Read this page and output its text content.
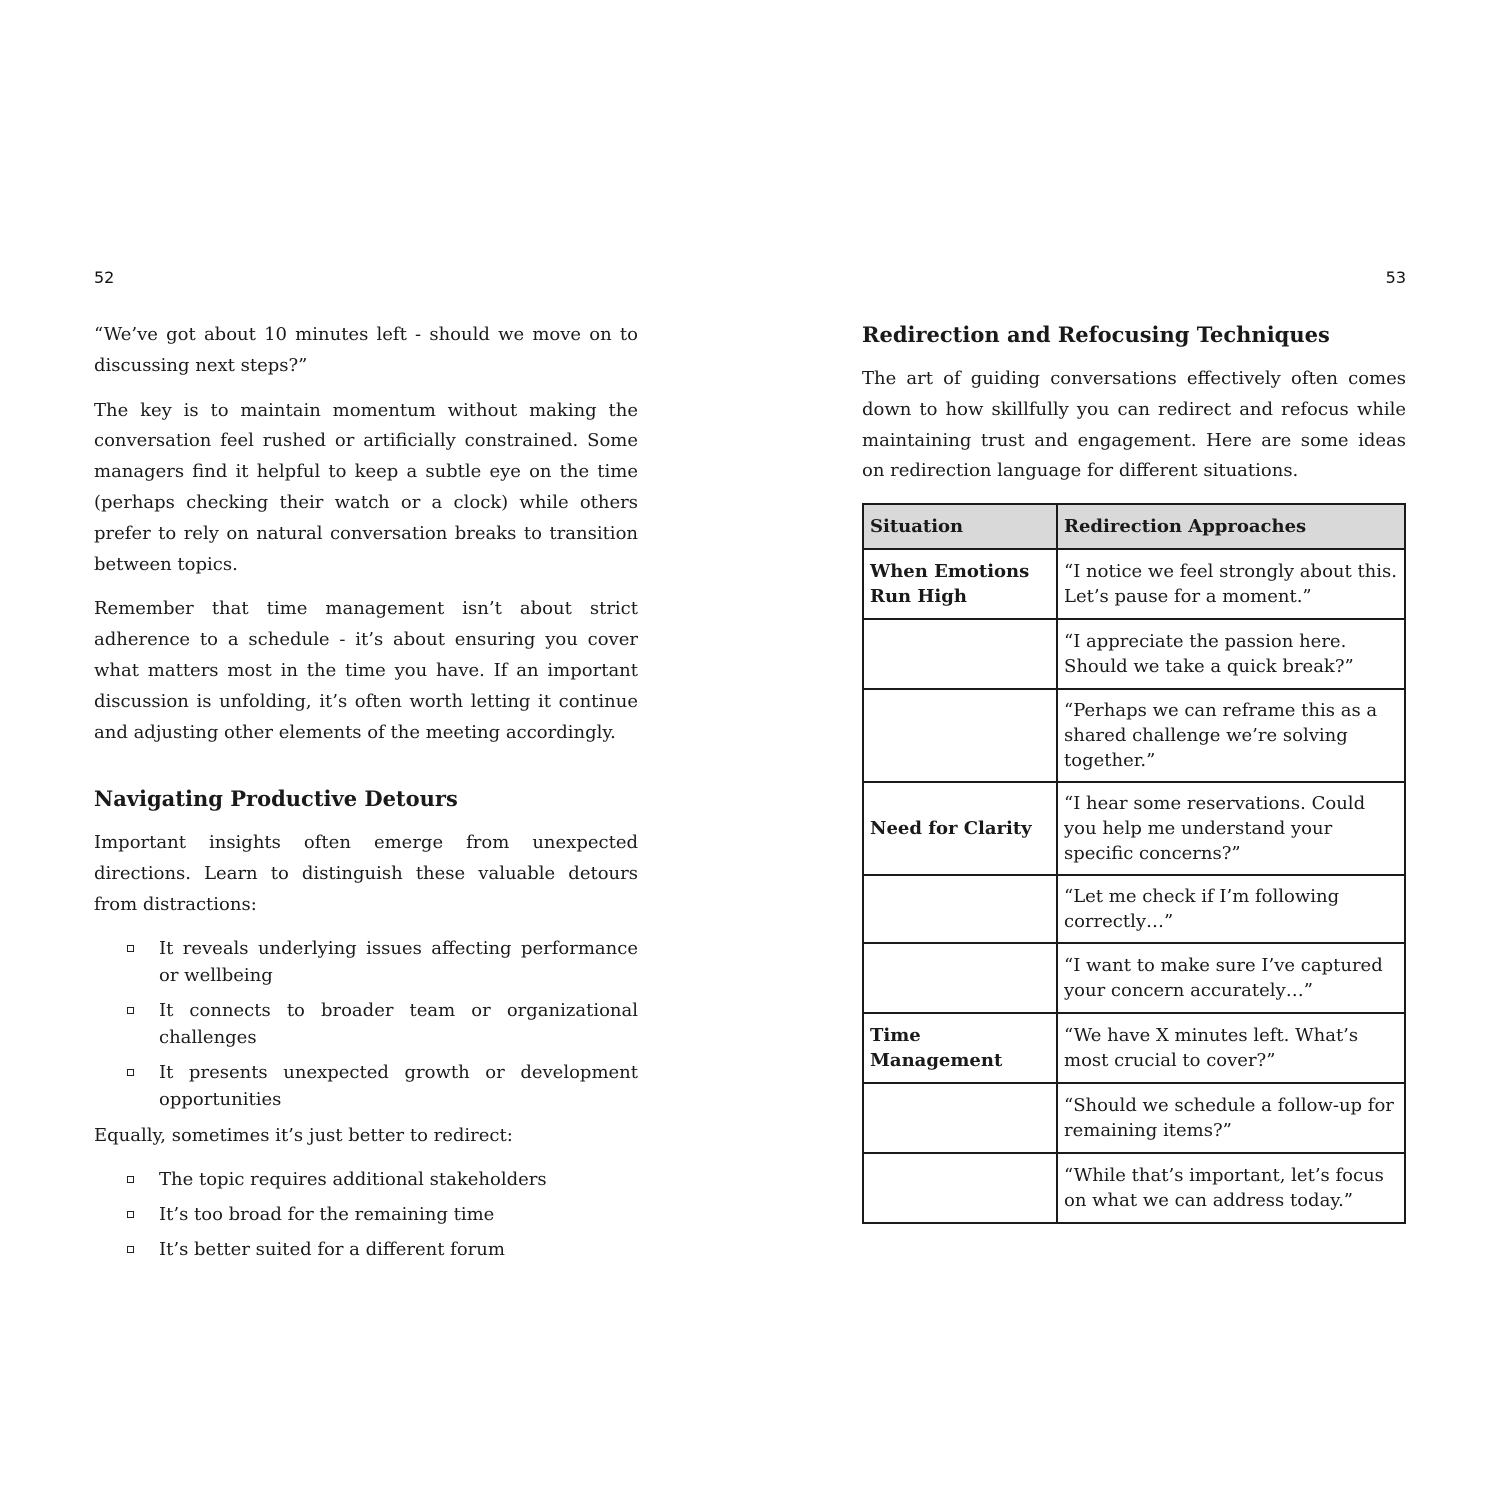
52

“We’ve got about 10 minutes left - should we move on to discussing next steps?”

The key is to maintain momentum without making the conversation feel rushed or artificially constrained. Some managers find it helpful to keep a subtle eye on the time (perhaps checking their watch or a clock) while others prefer to rely on natural conversation breaks to transition between topics.

Remember that time management isn’t about strict adherence to a schedule - it’s about ensuring you cover what matters most in the time you have. If an important discussion is unfolding, it’s often worth letting it continue and adjusting other elements of the meeting accordingly.

Navigating Productive Detours

Important insights often emerge from unexpected directions. Learn to distinguish these valuable detours from distractions:

It reveals underlying issues affecting performance or wellbeing
It connects to broader team or organizational challenges
It presents unexpected growth or development opportunities

Equally, sometimes it’s just better to redirect:

The topic requires additional stakeholders
It’s too broad for the remaining time
It’s better suited for a different forum
53
Redirection and Refocusing Techniques

The art of guiding conversations effectively often comes down to how skillfully you can redirect and refocus while maintaining trust and engagement. Here are some ideas on redirection language for different situations.

Situation	Redirection Approaches
When Emotions Run High	“I notice we feel strongly about this. Let’s pause for a moment.”
	“I appreciate the passion here. Should we take a quick break?”
	“Perhaps we can reframe this as a shared challenge we’re solving together.”
Need for Clarity	“I hear some reservations. Could you help me understand your specific concerns?”
	“Let me check if I’m following correctly…”
	“I want to make sure I’ve captured your concern accurately…”
Time Management	“We have X minutes left. What’s most crucial to cover?”
	“Should we schedule a follow-up for remaining items?”
	“While that’s important, let’s focus on what we can address today.”
